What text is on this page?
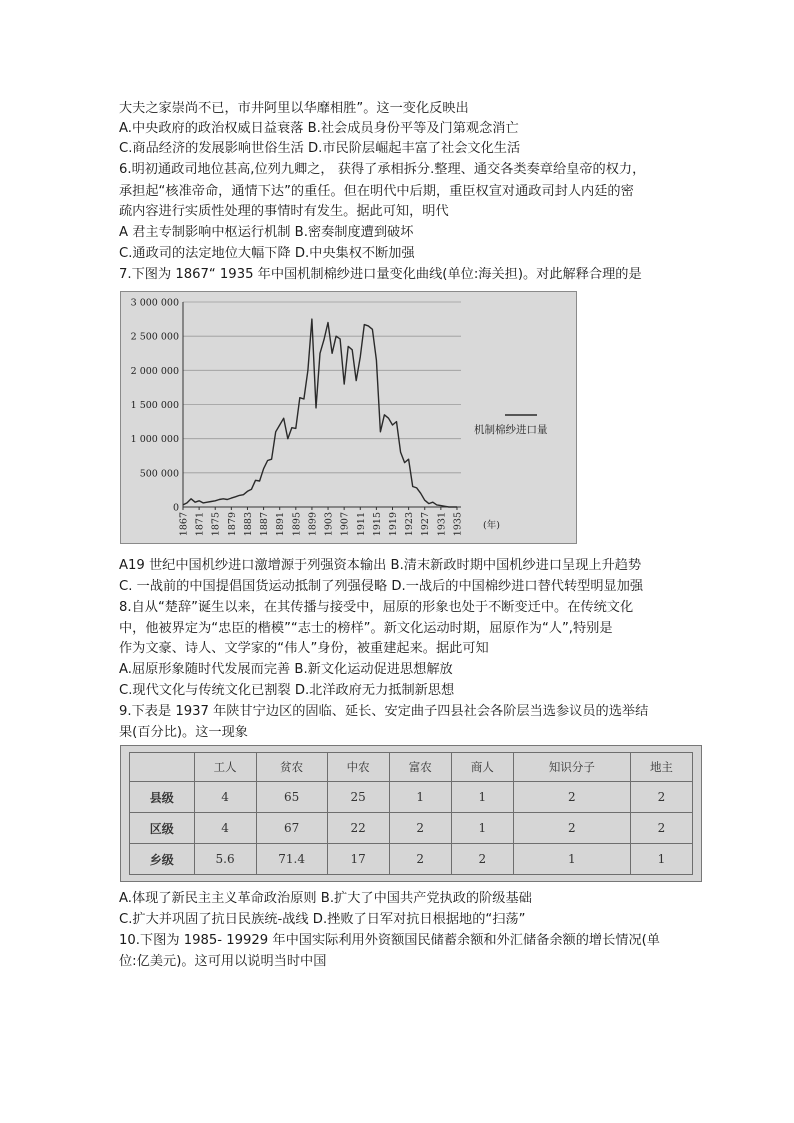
大夫之家崇尚不已，市井阿里以华靡相胜”。这一变化反映出
A.中央政府的政治权威日益衰落 B.社会成员身份平等及门第观念消亡
C.商品经济的发展影响世俗生活 D.市民阶层崛起丰富了社会文化生活
6.明初通政司地位甚高,位列九卿之， 获得了承相拆分.整理、通交各类奏章给皇帝的权力，
承担起“核准帝命，通情下达”的重任。但在明代中后期，重臣权宣对通政司封人内廷的密
疏内容进行实质性处理的事情时有发生。据此可知，明代
A 君主专制影响中枢运行机制 B.密奏制度遭到破坏
C.通政司的法定地位大幅下降 D.中央集权不断加强
7.下图为 1867“ 1935 年中国机制棉纱进口量变化曲线(单位:海关担)。对此解释合理的是
3 000 000
2 500 000
2 000 000
1 500 000
1 000 000
500 000
0
1867 1871 1875 1879 1883 1887 1891 1895 1899 1903 1907 1911 1915 1919 1923 1927 1931 1935
机制棉纱进口量
(年)
A19 世纪中国机纱进口激增源于列强资本输出 B.清末新政时期中国机纱进口呈现上升趋势
C. 一战前的中国提倡国货运动抵制了列强侵略 D.一战后的中国棉纱进口替代转型明显加强
8.自从“楚辞”诞生以来，在其传播与接受中，屈原的形象也处于不断变迁中。在传统文化
中，他被界定为“忠臣的楷模”“志士的榜样”。新文化运动时期，屈原作为“人”,特别是
作为文豪、诗人、文学家的“伟人”身份，被重建起来。据此可知
A.屈原形象随时代发展而完善 B.新文化运动促进思想解放
C.现代文化与传统文化已割裂 D.北洋政府无力抵制新思想
9.下表是 1937 年陕甘宁边区的固临、延长、安定曲子四县社会各阶层当选参议员的选举结
果(百分比)。这一现象
	工人	贫农	中农	富农	商人	知识分子	地主
县级	4	65	25	1	1	2	2
区级	4	67	22	2	1	2	2
乡级	5.6	71.4	17	2	2	1	1
A.体现了新民主主义革命政治原则 B.扩大了中国共产党执政的阶级基础
C.扩大并巩固了抗日民族统-战线 D.挫败了日军对抗日根据地的“扫荡”
10.下图为 1985- 19929 年中国实际利用外资额国民储蓄余额和外汇储备余额的增长情况(单
位:亿美元)。这可用以说明当时中国
